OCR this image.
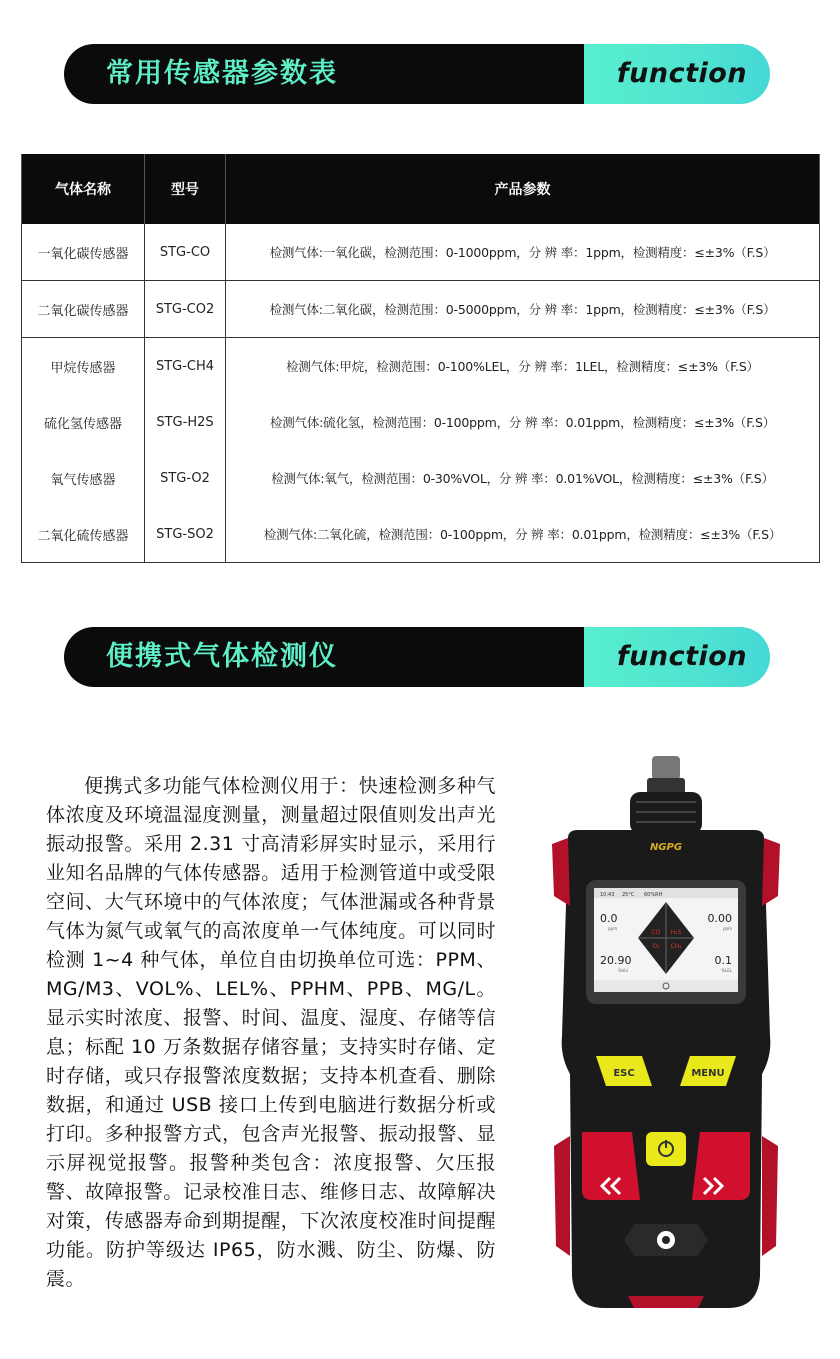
常用传感器参数表	function
气体名称	型号	产品参数
一氧化碳传感器	STG-CO	检测气体:一氧化碳，检测范围：0-1000ppm，分 辨 率：1ppm，检测精度：≤±3%（F.S）
二氧化碳传感器	STG-CO2	检测气体:二氧化碳，检测范围：0-5000ppm，分 辨 率：1ppm，检测精度：≤±3%（F.S）
甲烷传感器	STG-CH4	检测气体:甲烷，检测范围：0-100%LEL，分 辨 率：1LEL，检测精度：≤±3%（F.S）
硫化氢传感器	STG-H2S	检测气体:硫化氢，检测范围：0-100ppm，分 辨 率：0.01ppm，检测精度：≤±3%（F.S）
氧气传感器	STG-O2	检测气体:氧气，检测范围：0-30%VOL，分 辨 率：0.01%VOL，检测精度：≤±3%（F.S）
二氧化硫传感器	STG-SO2	检测气体:二氧化硫，检测范围：0-100ppm，分 辨 率：0.01ppm，检测精度：≤±3%（F.S）
便携式气体检测仪	function
便携式多功能气体检测仪用于：快速检测多种气体浓度及环境温湿度测量，测量超过限值则发出声光振动报警。采用 2.31 寸高清彩屏实时显示，采用行业知名品牌的气体传感器。适用于检测管道中或受限空间、大气环境中的气体浓度；气体泄漏或各种背景气体为氮气或氧气的高浓度单一气体纯度。可以同时检测 1~4 种气体，单位自由切换单位可选：PPM、MG/M3、VOL%、LEL%、PPHM、PPB、MG/L。显示实时浓度、报警、时间、温度、湿度、存储等信息；标配 10 万条数据存储容量；支持实时存储、定时存储，或只存报警浓度数据；支持本机查看、删除数据，和通过 USB 接口上传到电脑进行数据分析或打印。多种报警方式，包含声光报警、振动报警、显示屏视觉报警。报警种类包含：浓度报警、欠压报警、故障报警。记录校准日志、维修日志、故障解决对策，传感器寿命到期提醒，下次浓度校准时间提醒功能。防护等级达 IP65，防水溅、防尘、防爆、防震。
NGPG
10:43 25°C 60%RH
0.0
ppm
0.00
ppm
20.90
%Vol
0.1
%LEL
CO H₂S
O₂ CH₄
ESC	MENU
